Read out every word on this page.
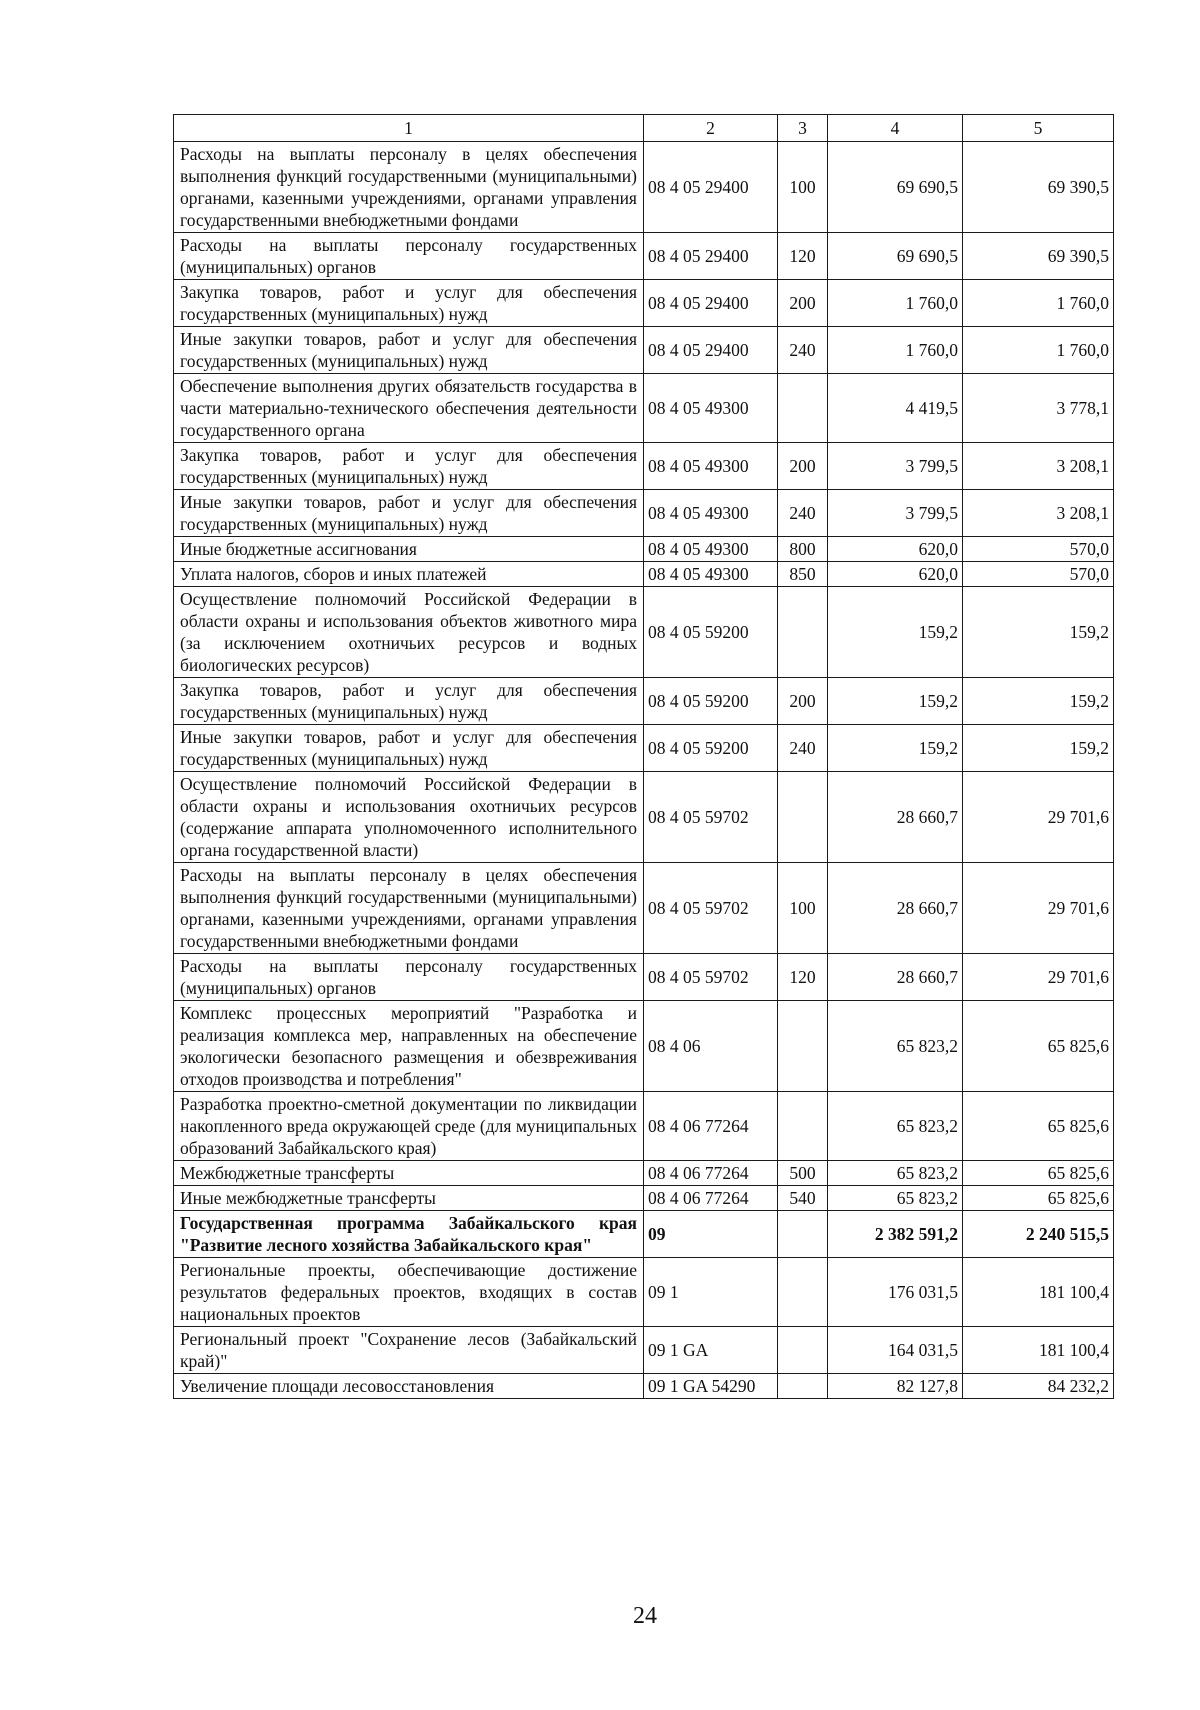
1	2	3	4	5
Расходы на выплаты персоналу в целях обеспечения выполнения функций государственными (муниципальными) органами, казенными учреждениями, органами управления государственными внебюджетными фондами	08 4 05 29400	100	69 690,5	69 390,5
Расходы на выплаты персоналу государственных (муниципальных) органов	08 4 05 29400	120	69 690,5	69 390,5
Закупка товаров, работ и услуг для обеспечения государственных (муниципальных) нужд	08 4 05 29400	200	1 760,0	1 760,0
Иные закупки товаров, работ и услуг для обеспечения государственных (муниципальных) нужд	08 4 05 29400	240	1 760,0	1 760,0
Обеспечение выполнения других обязательств государства в части материально-технического обеспечения деятельности государственного органа	08 4 05 49300		4 419,5	3 778,1
Закупка товаров, работ и услуг для обеспечения государственных (муниципальных) нужд	08 4 05 49300	200	3 799,5	3 208,1
Иные закупки товаров, работ и услуг для обеспечения государственных (муниципальных) нужд	08 4 05 49300	240	3 799,5	3 208,1
Иные бюджетные ассигнования	08 4 05 49300	800	620,0	570,0
Уплата налогов, сборов и иных платежей	08 4 05 49300	850	620,0	570,0
Осуществление полномочий Российской Федерации в области охраны и использования объектов животного мира (за исключением охотничьих ресурсов и водных биологических ресурсов)	08 4 05 59200		159,2	159,2
Закупка товаров, работ и услуг для обеспечения государственных (муниципальных) нужд	08 4 05 59200	200	159,2	159,2
Иные закупки товаров, работ и услуг для обеспечения государственных (муниципальных) нужд	08 4 05 59200	240	159,2	159,2
Осуществление полномочий Российской Федерации в области охраны и использования охотничьих ресурсов (содержание аппарата уполномоченного исполнительного органа государственной власти)	08 4 05 59702		28 660,7	29 701,6
Расходы на выплаты персоналу в целях обеспечения выполнения функций государственными (муниципальными) органами, казенными учреждениями, органами управления государственными внебюджетными фондами	08 4 05 59702	100	28 660,7	29 701,6
Расходы на выплаты персоналу государственных (муниципальных) органов	08 4 05 59702	120	28 660,7	29 701,6
Комплекс процессных мероприятий "Разработка и реализация комплекса мер, направленных на обеспечение экологически безопасного размещения и обезвреживания отходов производства и потребления"	08 4 06		65 823,2	65 825,6
Разработка проектно-сметной документации по ликвидации накопленного вреда окружающей среде (для муниципальных образований Забайкальского края)	08 4 06 77264		65 823,2	65 825,6
Межбюджетные трансферты	08 4 06 77264	500	65 823,2	65 825,6
Иные межбюджетные трансферты	08 4 06 77264	540	65 823,2	65 825,6
Государственная программа Забайкальского края "Развитие лесного хозяйства Забайкальского края"	09		2 382 591,2	2 240 515,5
Региональные проекты, обеспечивающие достижение результатов федеральных проектов, входящих в состав национальных проектов	09 1		176 031,5	181 100,4
Региональный проект "Сохранение лесов (Забайкальский край)"	09 1 GA		164 031,5	181 100,4
Увеличение площади лесовосстановления	09 1 GA 54290		82 127,8	84 232,2
24
